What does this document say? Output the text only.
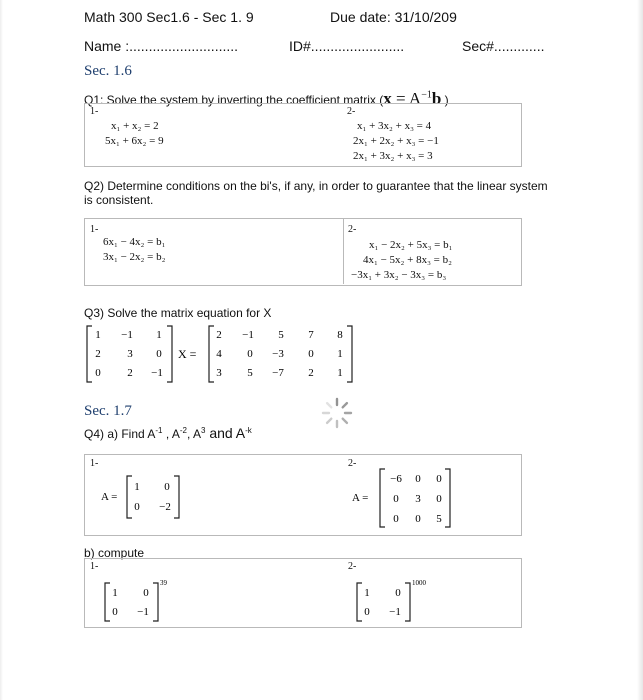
Math 300 Sec1.6 - Sec 1. 9	Due date: 31/10/209
Name :............................	ID#........................	Sec#.............
Sec. 1.6
Q1: Solve the system by inverting the coefficient matrix ($x = A^{-1}b$ )
1-
x₁ + x₂ = 2
5x₁ + 6x₂ = 9
2-
x₁ + 3x₂ + x₃ = 4
2x₁ + 2x₂ + x₃ = −1
2x₁ + 3x₂ + x₃ = 3
Q2) Determine conditions on the bi's, if any, in order to guarantee that the linear system
is consistent.
1-
6x₁ − 4x₂ = b₁
3x₁ − 2x₂ = b₂
2-
x₁ − 2x₂ + 5x₃ = b₁
4x₁ − 5x₂ + 8x₃ = b₂
−3x₁ + 3x₂ − 3x₃ = b₃
Q3) Solve the matrix equation for X
1 −1 1
2 3 0
0 2 −1
X =
2 −1 5 7 8
4 0 −3 0 1
3 5 −7 2 1
Sec. 1.7
Q4) a) Find $A^{-1}$ , $A^{-2}$, $A^3$ and $A^{-k}$
1-	2-
A =
1 0
0 −2
A =
−6 0 0
0 3 0
0 0 5
b) compute
1-	2-
1 0
0 −1
39
1 0
0 −1
1000
